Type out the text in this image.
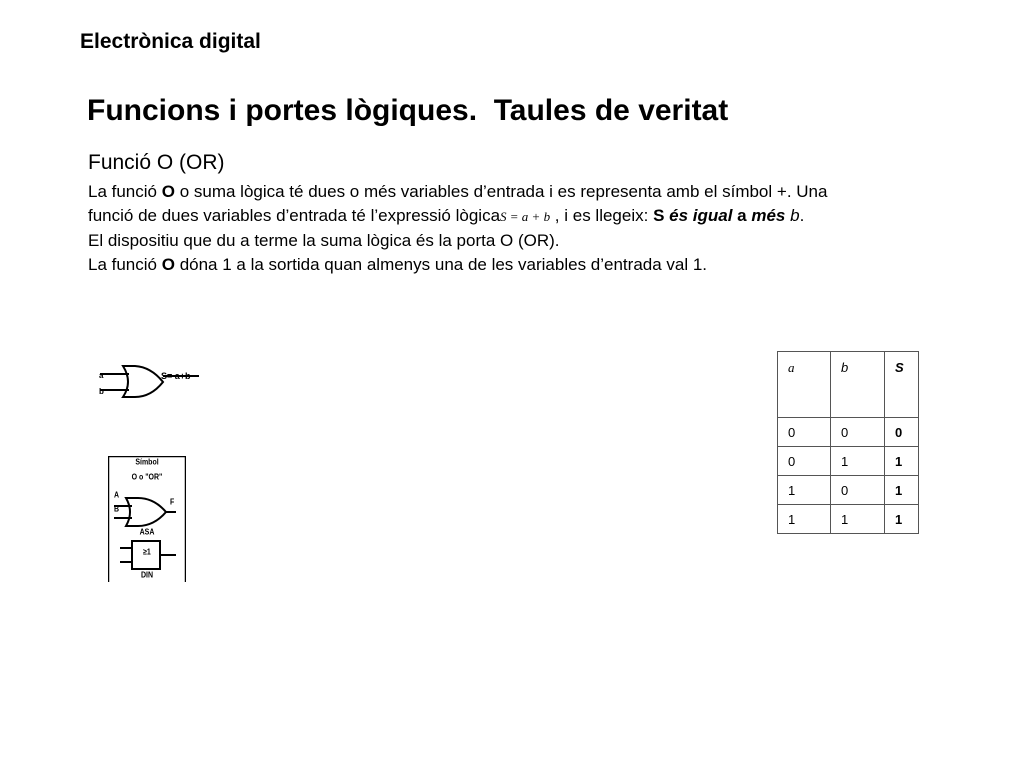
Electrònica digital
Funcions i portes lògiques.  Taules de veritat
Funció O (OR)
La funció O o suma lògica té dues o més variables d’entrada i es representa amb el símbol +. Una
funció de dues variables d’entrada té l’expressió lògicaS = a + b , i es llegeix: S és igual a més b.
El dispositiu que du a terme la suma lògica és la porta O (OR).
La funció O dóna 1 a la sortida quan almenys una de les variables d’entrada val 1.
a
b
S= a+b
Símbol
O o "OR"
A
B
F
ASA
≥1
DIN
a	b	S
0	0	0
0	1	1
1	0	1
1	1	1
